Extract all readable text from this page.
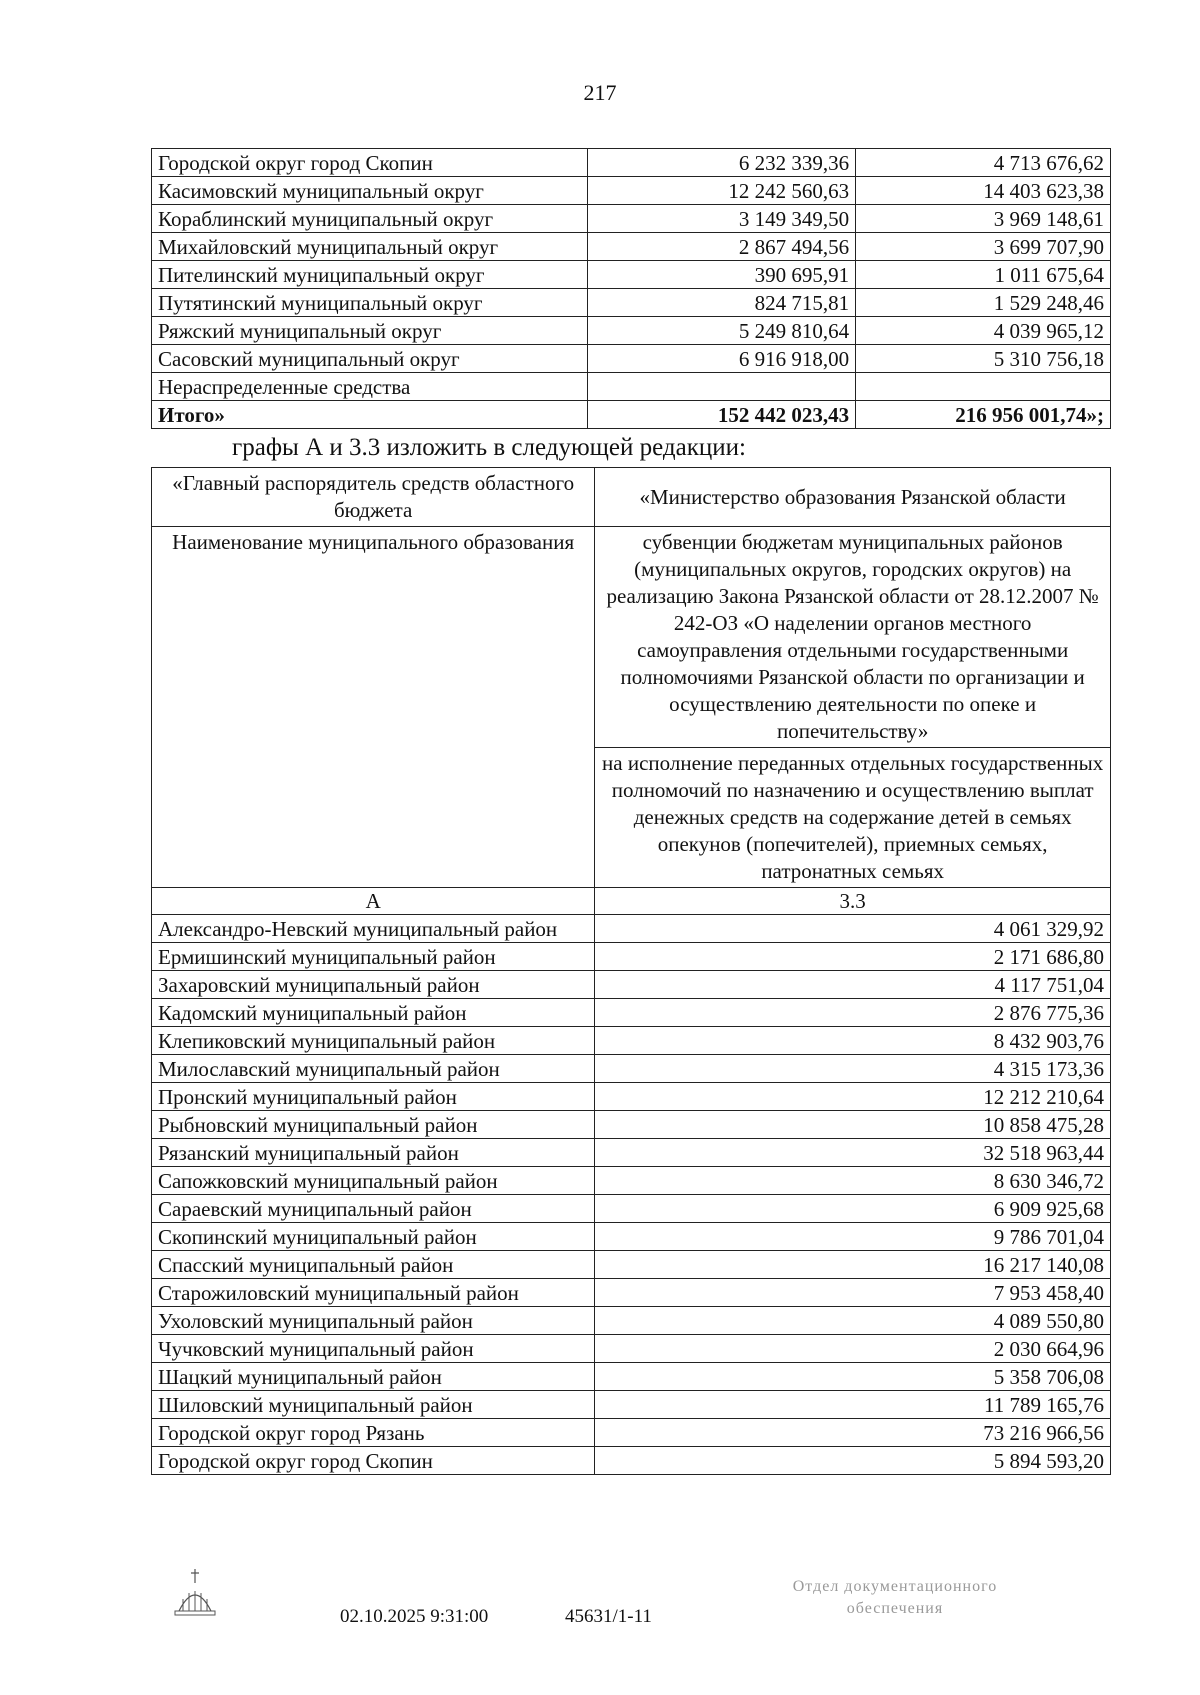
217
Городской округ город Скопин	6 232 339,36	4 713 676,62
Касимовский муниципальный округ	12 242 560,63	14 403 623,38
Кораблинский муниципальный округ	3 149 349,50	3 969 148,61
Михайловский муниципальный округ	2 867 494,56	3 699 707,90
Пителинский муниципальный округ	390 695,91	1 011 675,64
Путятинский муниципальный округ	824 715,81	1 529 248,46
Ряжский муниципальный округ	5 249 810,64	4 039 965,12
Сасовский муниципальный округ	6 916 918,00	5 310 756,18
Нераспределенные средства		
Итого»	152 442 023,43	216 956 001,74»;
графы А и 3.3 изложить в следующей редакции:
«Главный распорядитель средств областного бюджета	«Министерство образования Рязанской области
Наименование муниципального образования	субвенции бюджетам муниципальных районов (муниципальных округов, городских округов) на реализацию Закона Рязанской области от 28.12.2007 № 242-ОЗ «О наделении органов местного самоуправления отдельными государственными полномочиями Рязанской области по организации и осуществлению деятельности по опеке и попечительству»
	на исполнение переданных отдельных государственных полномочий по назначению и осуществлению выплат денежных средств на содержание детей в семьях опекунов (попечителей), приемных семьях, патронатных семьях
А	3.3
Александро-Невский муниципальный район	4 061 329,92
Ермишинский муниципальный район	2 171 686,80
Захаровский муниципальный район	4 117 751,04
Кадомский муниципальный район	2 876 775,36
Клепиковский муниципальный район	8 432 903,76
Милославский муниципальный район	4 315 173,36
Пронский муниципальный район	12 212 210,64
Рыбновский муниципальный район	10 858 475,28
Рязанский муниципальный район	32 518 963,44
Сапожковский муниципальный район	8 630 346,72
Сараевский муниципальный район	6 909 925,68
Скопинский муниципальный район	9 786 701,04
Спасский муниципальный район	16 217 140,08
Старожиловский муниципальный район	7 953 458,40
Ухоловский муниципальный район	4 089 550,80
Чучковский муниципальный район	2 030 664,96
Шацкий муниципальный район	5 358 706,08
Шиловский муниципальный район	11 789 165,76
Городской округ город Рязань	73 216 966,56
Городской округ город Скопин	5 894 593,20
02.10.2025 9:31:00	45631/1-11
Отдел документационного
обеспечения
